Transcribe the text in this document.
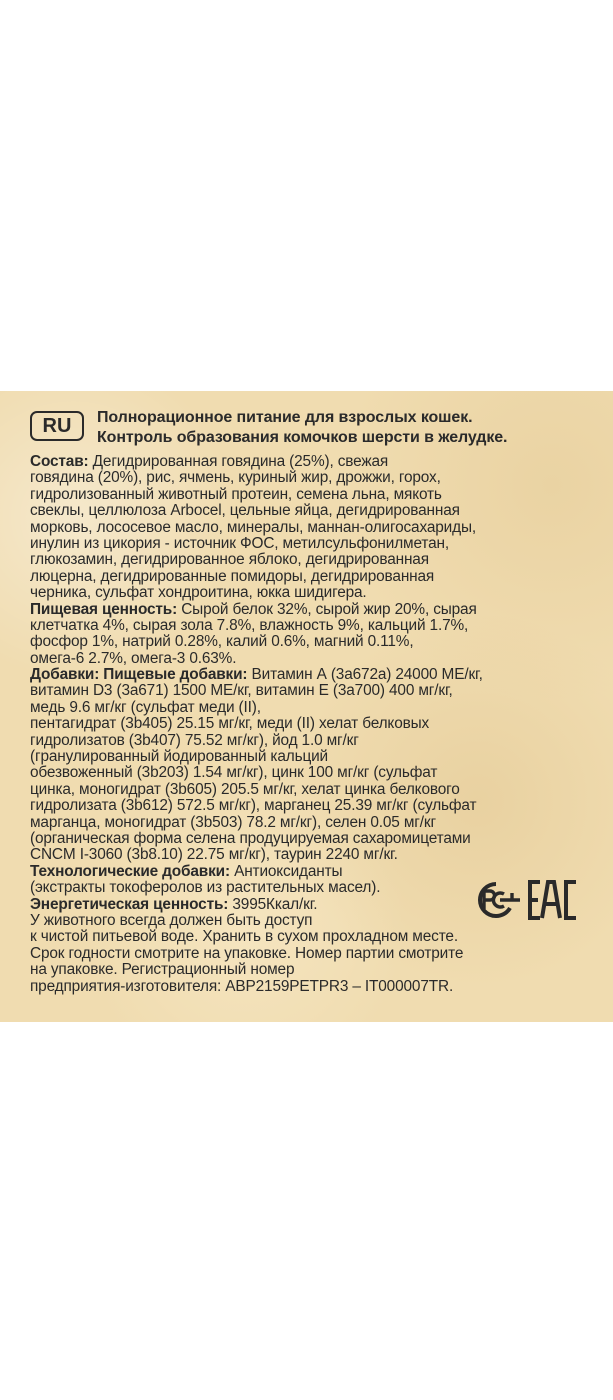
RU	Полнорационное питание для взрослых кошек.
Контроль образования комочков шерсти в желудке.
Состав: Дегидрированная говядина (25%), свежая
говядина (20%), рис, ячмень, куриный жир, дрожжи, горох,
гидролизованный животный протеин, семена льна, мякоть
свеклы, целлюлоза Arbocel, цельные яйца, дегидрированная
морковь, лососевое масло, минералы, маннан-олигосахариды,
инулин из цикория - источник ФОС, метилсульфонилметан,
глюкозамин, дегидрированное яблоко, дегидрированная
люцерна, дегидрированные помидоры, дегидрированная
черника, сульфат хондроитина, юкка шидигера.
Пищевая ценность: Сырой белок 32%, сырой жир 20%, сырая
клетчатка 4%, сырая зола 7.8%, влажность 9%, кальций 1.7%,
фосфор 1%, натрий 0.28%, калий 0.6%, магний 0.11%,
омега-6 2.7%, омега-3 0.63%.
Добавки: Пищевые добавки: Витамин А (3a672a) 24000 МЕ/кг,
витамин D3 (3a671) 1500 МЕ/кг, витамин Е (3a700) 400 мг/кг,
медь 9.6 мг/кг (сульфат меди (II),
пентагидрат (3b405) 25.15 мг/кг, меди (II) хелат белковых
гидролизатов (3b407) 75.52 мг/кг), йод 1.0 мг/кг
(гранулированный йодированный кальций
обезвоженный (3b203) 1.54 мг/кг), цинк 100 мг/кг (сульфат
цинка, моногидрат (3b605) 205.5 мг/кг, хелат цинка белкового
гидролизата (3b612) 572.5 мг/кг), марганец 25.39 мг/кг (сульфат
марганца, моногидрат (3b503) 78.2 мг/кг), селен 0.05 мг/кг
(органическая форма селена продуцируемая сахаромицетами
CNCM I-3060 (3b8.10) 22.75 мг/кг), таурин 2240 мг/кг.
Технологические добавки: Антиоксиданты
(экстракты токоферолов из растительных масел).
Энергетическая ценность: 3995Ккал/кг.
У животного всегда должен быть доступ
к чистой питьевой воде. Хранить в сухом прохладном месте.
Срок годности смотрите на упаковке. Номер партии смотрите
на упаковке. Регистрационный номер
предприятия-изготовителя: ABP2159PETPR3 – IT000007TR.
